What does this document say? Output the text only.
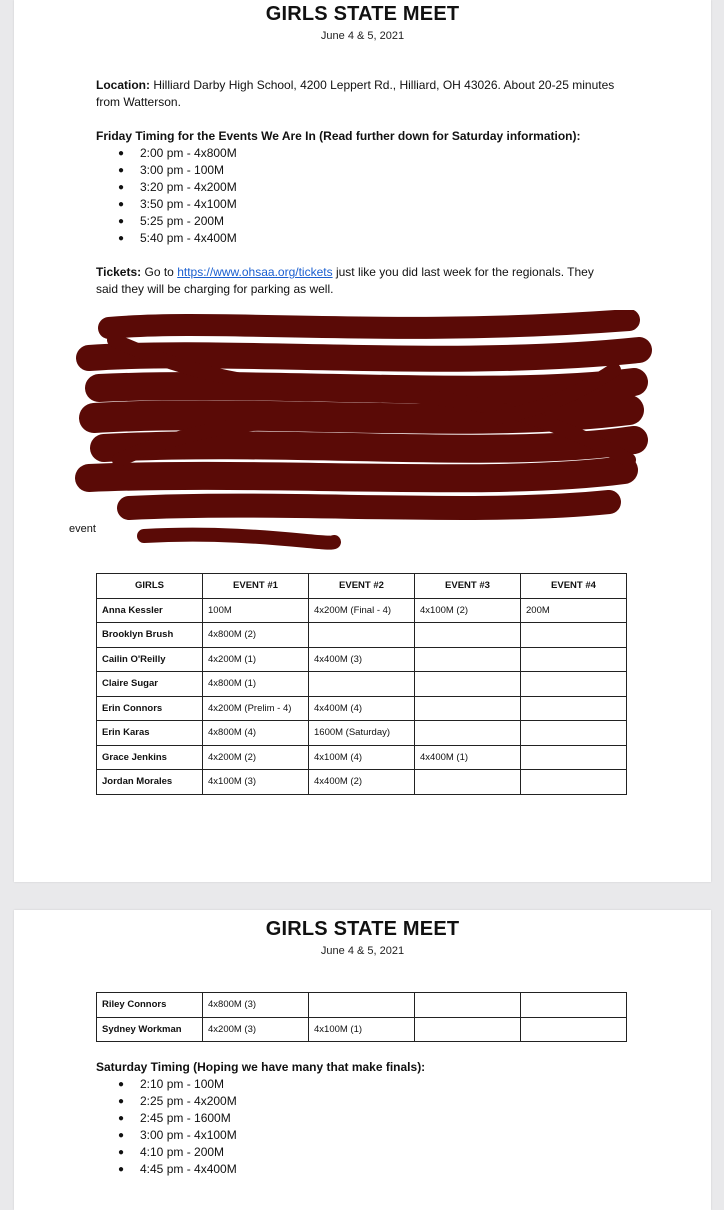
GIRLS STATE MEET
June 4 & 5, 2021
Location: Hilliard Darby High School, 4200 Leppert Rd., Hilliard, OH 43026. About 20-25 minutes from Watterson.
Friday Timing for the Events We Are In (Read further down for Saturday information):
●	2:00 pm - 4x800M
●	3:00 pm - 100M
●	3:20 pm - 4x200M
●	3:50 pm - 4x100M
●	5:25 pm - 200M
●	5:40 pm - 4x400M
Tickets: Go to https://www.ohsaa.org/tickets just like you did last week for the regionals. They said they will be charging for parking as well.
an
event
GIRLS	EVENT #1	EVENT #2	EVENT #3	EVENT #4
Anna Kessler	100M	4x200M (Final - 4)	4x100M (2)	200M
Brooklyn Brush	4x800M (2)			
Cailin O'Reilly	4x200M (1)	4x400M (3)		
Claire Sugar	4x800M (1)			
Erin Connors	4x200M (Prelim - 4)	4x400M (4)		
Erin Karas	4x800M (4)	1600M (Saturday)		
Grace Jenkins	4x200M (2)	4x100M (4)	4x400M (1)	
Jordan Morales	4x100M (3)	4x400M (2)		
GIRLS STATE MEET
June 4 & 5, 2021
Riley Connors	4x800M (3)			
Sydney Workman	4x200M (3)	4x100M (1)		
Saturday Timing (Hoping we have many that make finals):
●	2:10 pm - 100M
●	2:25 pm - 4x200M
●	2:45 pm - 1600M
●	3:00 pm - 4x100M
●	4:10 pm - 200M
●	4:45 pm - 4x400M
